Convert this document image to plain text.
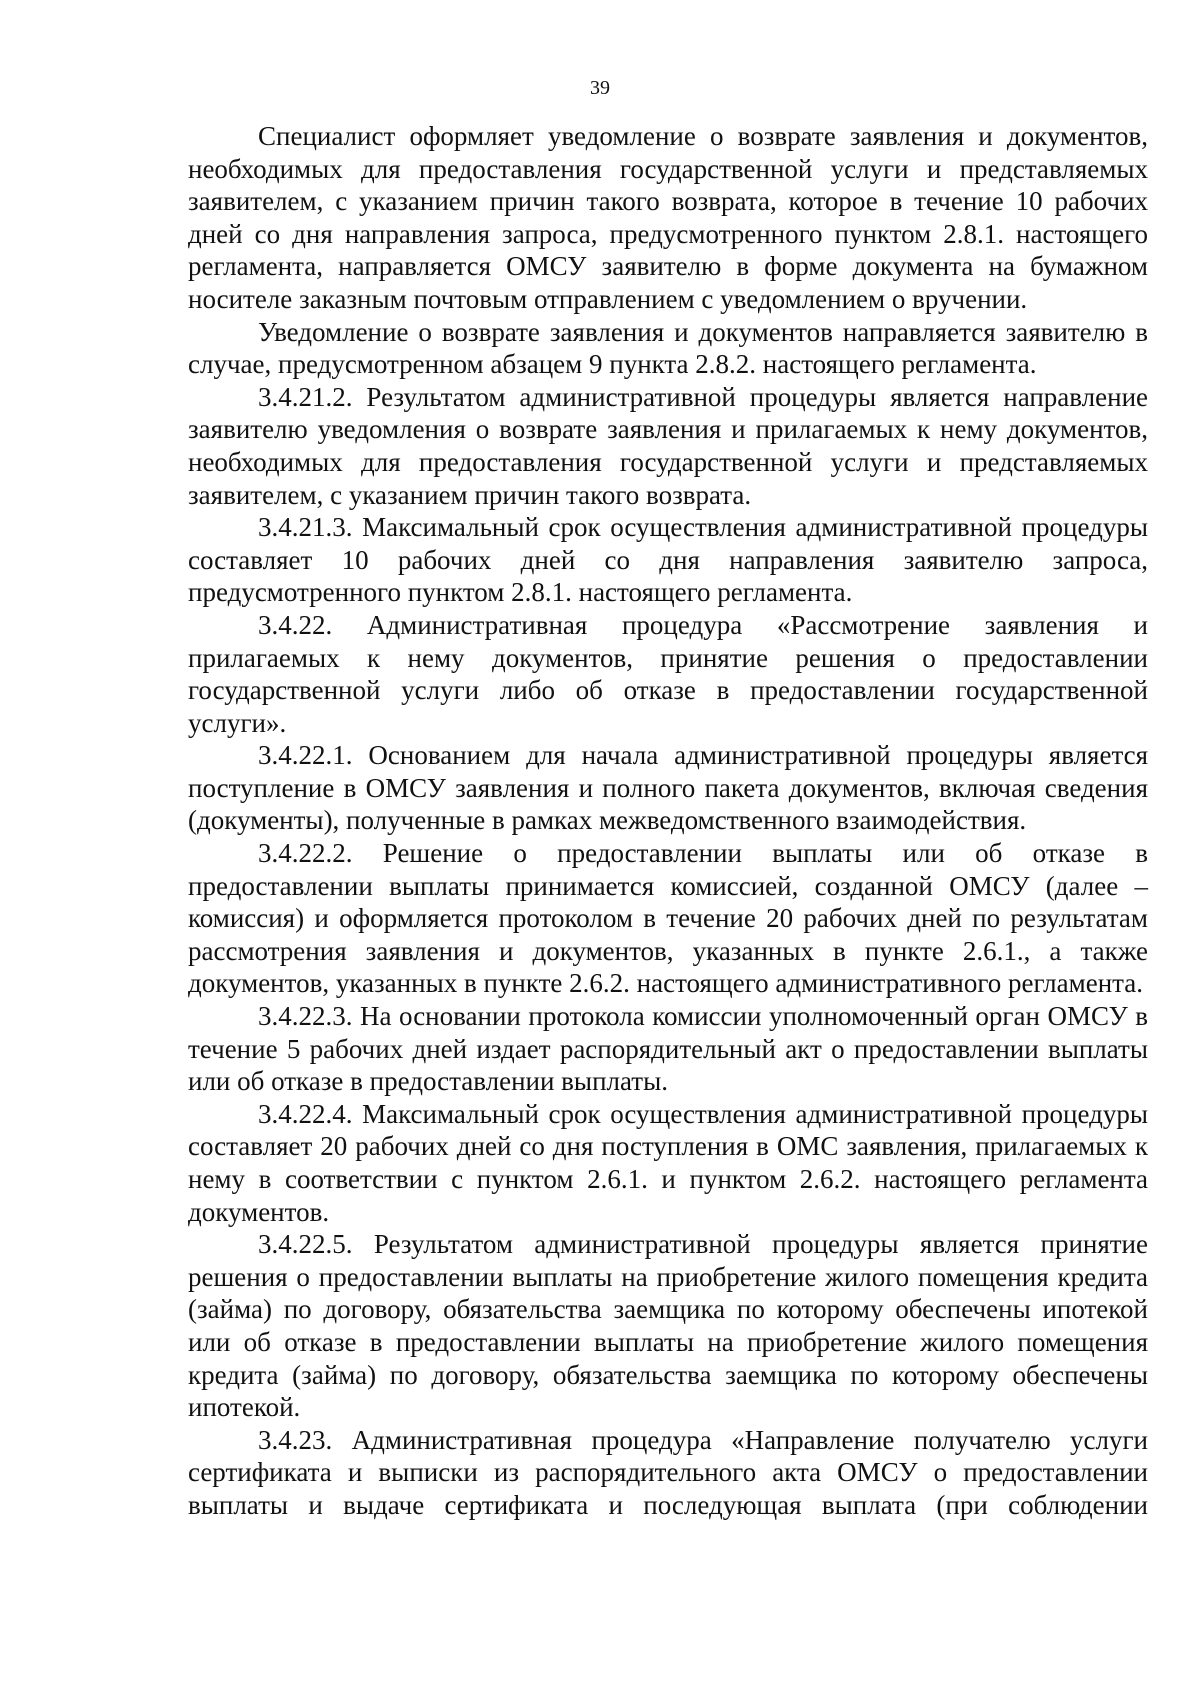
39

Специалист оформляет уведомление о возврате заявления и документов, необходимых для предоставления государственной услуги и представляемых заявителем, с указанием причин такого возврата, которое в течение 10 рабочих дней со дня направления запроса, предусмотренного пунктом 2.8.1. настоящего регламента, направляется ОМСУ заявителю в форме документа на бумажном носителе заказным почтовым отправлением с уведомлением о вручении.

Уведомление о возврате заявления и документов направляется заявителю в случае, предусмотренном абзацем 9 пункта 2.8.2. настоящего регламента.

3.4.21.2. Результатом административной процедуры является направление заявителю уведомления о возврате заявления и прилагаемых к нему документов, необходимых для предоставления государственной услуги и представляемых заявителем, с указанием причин такого возврата.

3.4.21.3. Максимальный срок осуществления административной процедуры составляет 10 рабочих дней со дня направления заявителю запроса, предусмотренного пунктом 2.8.1. настоящего регламента.

3.4.22. Административная процедура «Рассмотрение заявления и прилагаемых к нему документов, принятие решения о предоставлении государственной услуги либо об отказе в предоставлении государственной услуги».

3.4.22.1. Основанием для начала административной процедуры является поступление в ОМСУ заявления и полного пакета документов, включая сведения (документы), полученные в рамках межведомственного взаимодействия.

3.4.22.2. Решение о предоставлении выплаты или об отказе в предоставлении выплаты принимается комиссией, созданной ОМСУ (далее – комиссия) и оформляется протоколом в течение 20 рабочих дней по результатам рассмотрения заявления и документов, указанных в пункте 2.6.1., а также документов, указанных в пункте 2.6.2. настоящего административного регламента.

3.4.22.3. На основании протокола комиссии уполномоченный орган ОМСУ в течение 5 рабочих дней издает распорядительный акт о предоставлении выплаты или об отказе в предоставлении выплаты.

3.4.22.4. Максимальный срок осуществления административной процедуры составляет 20 рабочих дней со дня поступления в ОМС заявления, прилагаемых к нему в соответствии с пунктом 2.6.1. и пунктом 2.6.2. настоящего регламента документов.

3.4.22.5. Результатом административной процедуры является принятие решения о предоставлении выплаты на приобретение жилого помещения кредита (займа) по договору, обязательства заемщика по которому обеспечены ипотекой или об отказе в предоставлении выплаты на приобретение жилого помещения кредита (займа) по договору, обязательства заемщика по которому обеспечены ипотекой.

3.4.23. Административная процедура «Направление получателю услуги сертификата и выписки из распорядительного акта ОМСУ о предоставлении выплаты и выдаче сертификата и последующая выплата (при соблюдении
